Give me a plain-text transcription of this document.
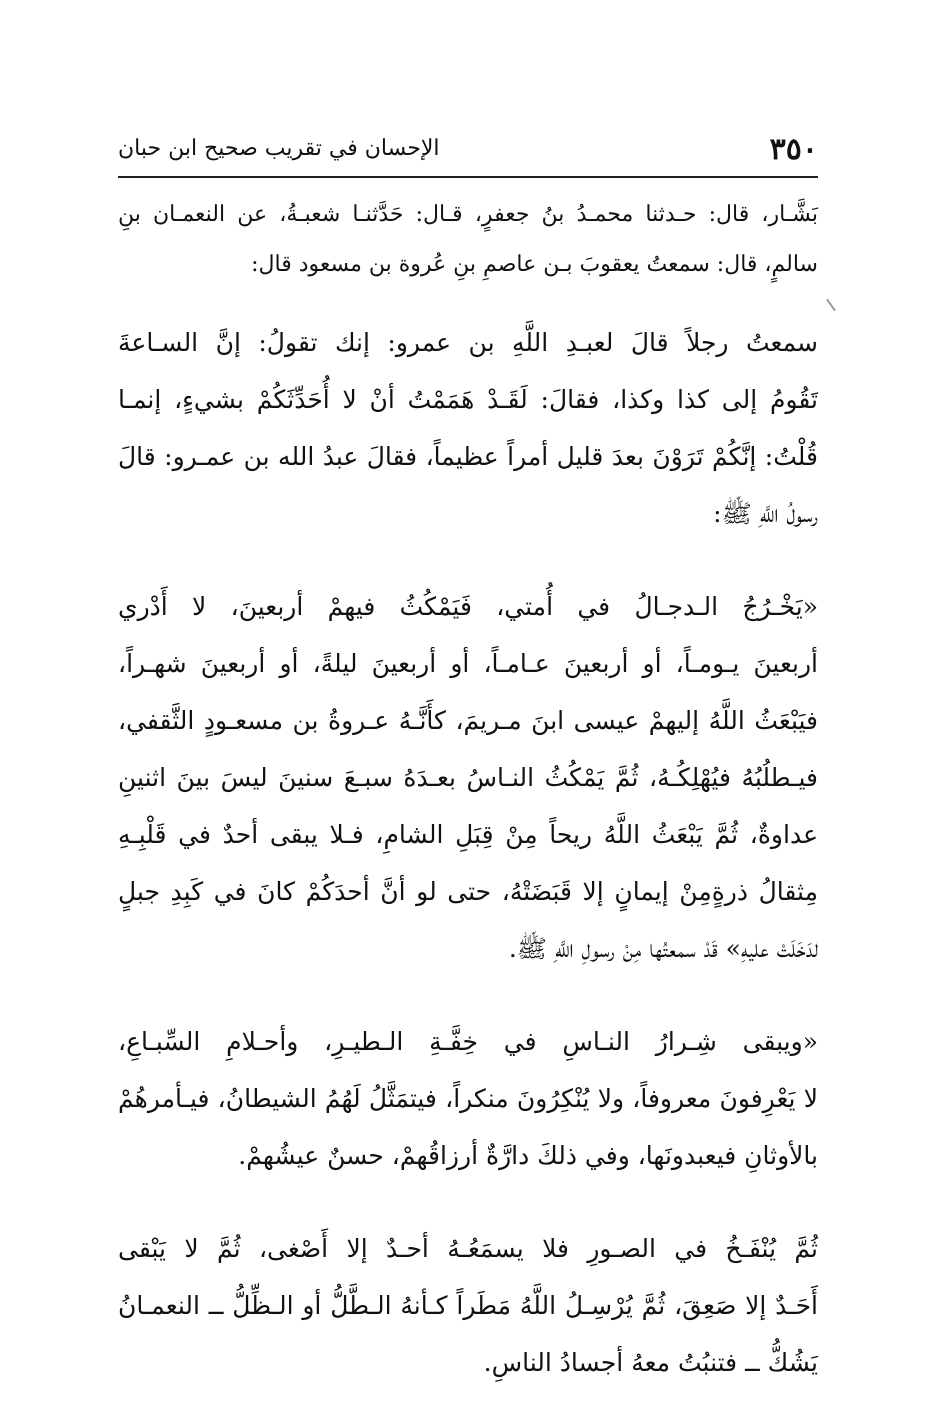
٣٥٠
الإحسان في تقريب صحيح ابن حبان
بَشَّـار، قال: حـدثنا محمـدُ بنُ جعفرٍ، قـال: حَدَّثنـا شعبـةُ، عن النعمـان بنِ
سالمٍ، قال: سمعتُ يعقوبَ بـن عاصمِ بنِ عُروة بن مسعود قال:
سمعتُ رجلاً قالَ لعبـدِ اللَّهِ بن عمرو: إنك تقولُ: إنَّ السـاعةَ
تَقُومُ إلى كذا وكذا، فقالَ: لَقَـدْ هَمَمْتُ أنْ لا أُحَدِّثَكُمْ بشيءٍ، إنمـا
قُلْتُ: إنَّكُمْ تَرَوْنَ بعدَ قليل أمراً عظيماً، فقالَ عبدُ الله بن عمـرو: قالَ
رسولُ اللَّهِ ﷺ:
«يَخْـرُجُ الـدجـالُ في أُمتي، فَيَمْكُثُ فيهمْ أربعينَ، لا أَدْري
أربعينَ يـومـاً، أو أربعينَ عـامـاً، أو أربعينَ ليلةً، أو أربعينَ شهـراً،
فيَبْعَثُ اللَّهُ إليهمْ عيسى ابنَ مـريمَ، كأَنَّـهُ عـروةُ بن مسعـودٍ الثَّقفي،
فيـطلُبُهُ فيُهْلِكُـهُ، ثُمَّ يَمْكُثُ النـاسُ بعـدَهُ سبـعَ سنينَ ليسَ بينَ اثنينِ
عداوةٌ، ثُمَّ يَبْعَثُ اللَّهُ ريحاً مِنْ قِبَلِ الشامِ، فـلا يبقى أحدٌ في قَلْبِـهِ
مِثقالُ ذرةٍمِنْ إيمانٍ إلا قَبَضَتْهُ، حتى لو أنَّ أحدَكُمْ كانَ في كَبِدِ جبلٍ
لدَخَلَتْ عليهِ» قَدْ سمعتُها مِنْ رسولِ اللَّهِ ﷺ.
«ويبقى شِـرارُ النـاسِ في خِفَّـةِ الـطيـرِ، وأحـلامِ السِّبـاعِ،
لا يَعْرِفونَ معروفاً، ولا يُنْكِرُونَ منكراً، فيتمَثَّلُ لَهُمُ الشيطانُ، فيـأمرهُمْ
بالأوثانِ فيعبدونَها، وفي ذلكَ دارَّةٌ أرزاقُهمْ، حسنٌ عيشُهمْ.
ثُمَّ يُنْفَـخُ في الصـورِ فلا يسمَعُـهُ أحـدٌ إلا أَصْغى، ثُمَّ لا يَبْقى
أَحَـدٌ إلا صَعِقَ، ثُمَّ يُرْسِـلُ اللَّهُ مَطَراً كـأنهُ الـطَّلُّ أو الـظِّلُّ ــ النعمـانُ
يَشُكُّ ــ فتنبُتُ معهُ أجسادُ الناسِ.
